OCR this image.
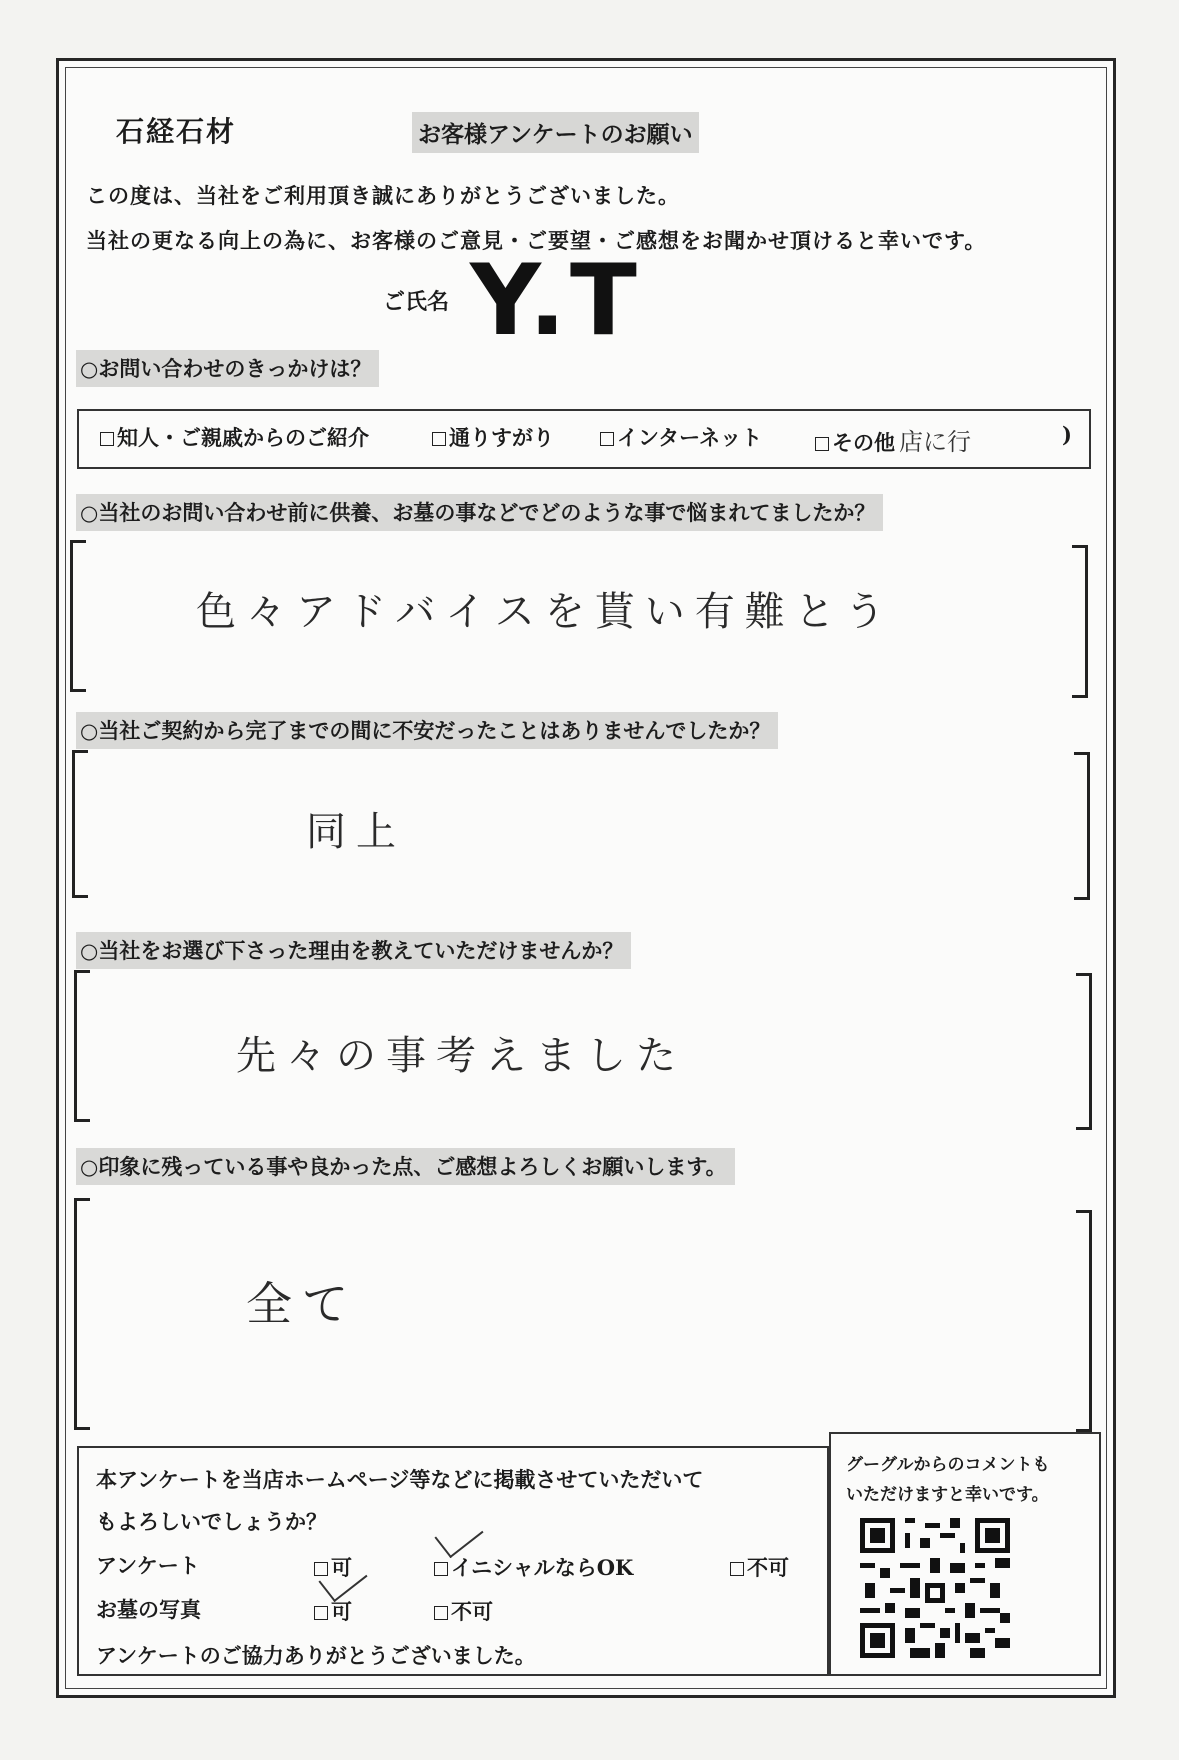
石経石材	お客様アンケートのお願い
この度は、当社をご利用頂き誠にありがとうございました。
当社の更なる向上の為に、お客様のご意見・ご要望・ご感想をお聞かせ頂けると幸いです。
ご氏名 Y.T
○お問い合わせのきっかけは？
知人・ご親戚からのご紹介	通りすがり	インターネット	その他 店に行	)
○当社のお問い合わせ前に供養、お墓の事などでどのような事で悩まれてましたか？
色々アドバイスを貰い有難とう
○当社ご契約から完了までの間に不安だったことはありませんでしたか？
同上
○当社をお選び下さった理由を教えていただけませんか？
先々の事考えました
○印象に残っている事や良かった点、ご感想よろしくお願いします。
全て
本アンケートを当店ホームページ等などに掲載させていただいて
もよろしいでしょうか？
アンケート	可	イニシャルならOK	不可
お墓の写真	可	不可
アンケートのご協力ありがとうございました。
グーグルからのコメントも
いただけますと幸いです。
